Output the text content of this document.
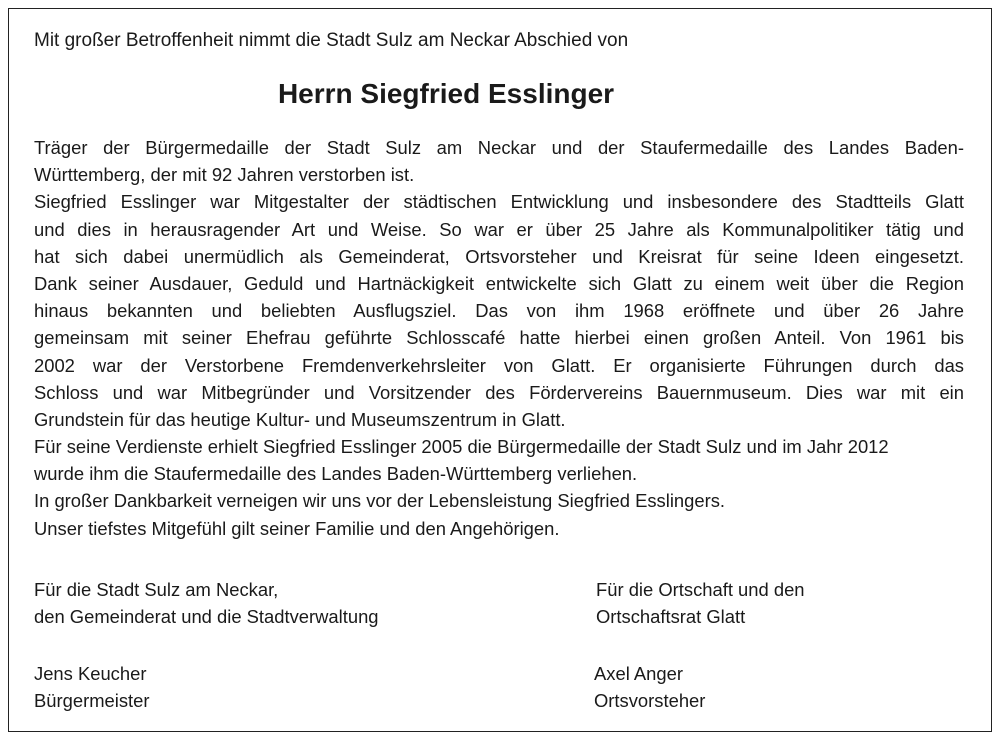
Mit großer Betroffenheit nimmt die Stadt Sulz am Neckar Abschied von
Herrn Siegfried Esslinger
Träger der Bürgermedaille der Stadt Sulz am Neckar und der Staufermedaille des Landes Baden-
Württemberg, der mit 92 Jahren verstorben ist.
Siegfried Esslinger war Mitgestalter der städtischen Entwicklung und insbesondere des Stadtteils Glatt
und dies in herausragender Art und Weise. So war er über 25 Jahre als Kommunalpolitiker tätig und
hat sich dabei unermüdlich als Gemeinderat, Ortsvorsteher und Kreisrat für seine Ideen eingesetzt.
Dank seiner Ausdauer, Geduld und Hartnäckigkeit entwickelte sich Glatt zu einem weit über die Region
hinaus bekannten und beliebten Ausflugsziel. Das von ihm 1968 eröffnete und über 26 Jahre
gemeinsam mit seiner Ehefrau geführte Schlosscafé hatte hierbei einen großen Anteil. Von 1961 bis
2002 war der Verstorbene Fremdenverkehrsleiter von Glatt. Er organisierte Führungen durch das
Schloss und war Mitbegründer und Vorsitzender des Fördervereins Bauernmuseum. Dies war mit ein
Grundstein für das heutige Kultur- und Museumszentrum in Glatt.
Für seine Verdienste erhielt Siegfried Esslinger 2005 die Bürgermedaille der Stadt Sulz und im Jahr 2012
wurde ihm die Staufermedaille des Landes Baden-Württemberg verliehen.
In großer Dankbarkeit verneigen wir uns vor der Lebensleistung Siegfried Esslingers.
Unser tiefstes Mitgefühl gilt seiner Familie und den Angehörigen.
Für die Stadt Sulz am Neckar,
den Gemeinderat und die Stadtverwaltung
Für die Ortschaft und den
Ortschaftsrat Glatt
Jens Keucher
Bürgermeister
Axel Anger
Ortsvorsteher
